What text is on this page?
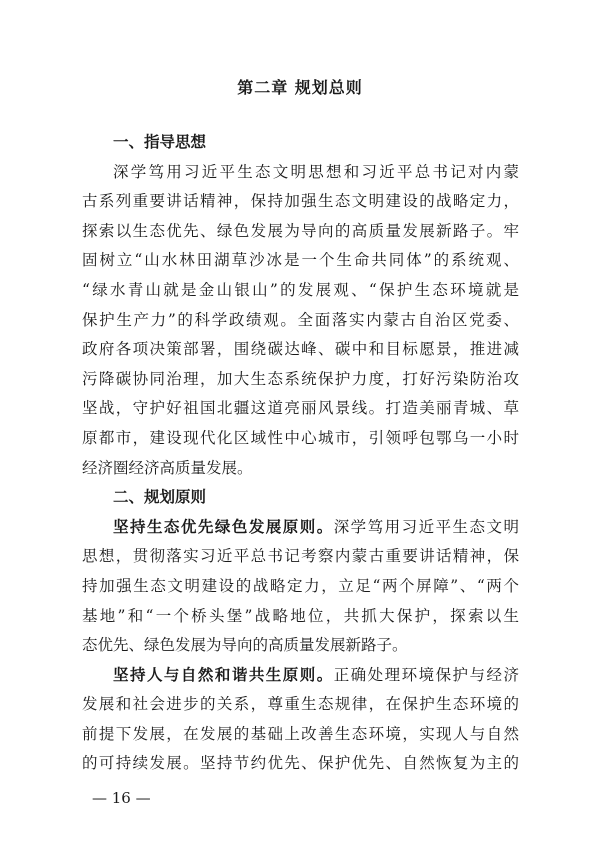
第二章 规划总则
一、指导思想
深学笃用习近平生态文明思想和习近平总书记对内蒙
古系列重要讲话精神，保持加强生态文明建设的战略定力，
探索以生态优先、绿色发展为导向的高质量发展新路子。牢
固树立“山水林田湖草沙冰是一个生命共同体”的系统观、
“绿水青山就是金山银山”的发展观、“保护生态环境就是
保护生产力”的科学政绩观。全面落实内蒙古自治区党委、
政府各项决策部署，围绕碳达峰、碳中和目标愿景，推进减
污降碳协同治理，加大生态系统保护力度，打好污染防治攻
坚战，守护好祖国北疆这道亮丽风景线。打造美丽青城、草
原都市，建设现代化区域性中心城市，引领呼包鄂乌一小时
经济圈经济高质量发展。
二、规划原则
坚持生态优先绿色发展原则。深学笃用习近平生态文明
思想，贯彻落实习近平总书记考察内蒙古重要讲话精神，保
持加强生态文明建设的战略定力，立足“两个屏障”、“两个
基地”和“一个桥头堡”战略地位，共抓大保护，探索以生
态优先、绿色发展为导向的高质量发展新路子。
坚持人与自然和谐共生原则。正确处理环境保护与经济
发展和社会进步的关系，尊重生态规律，在保护生态环境的
前提下发展，在发展的基础上改善生态环境，实现人与自然
的可持续发展。坚持节约优先、保护优先、自然恢复为主的
— 16 —
